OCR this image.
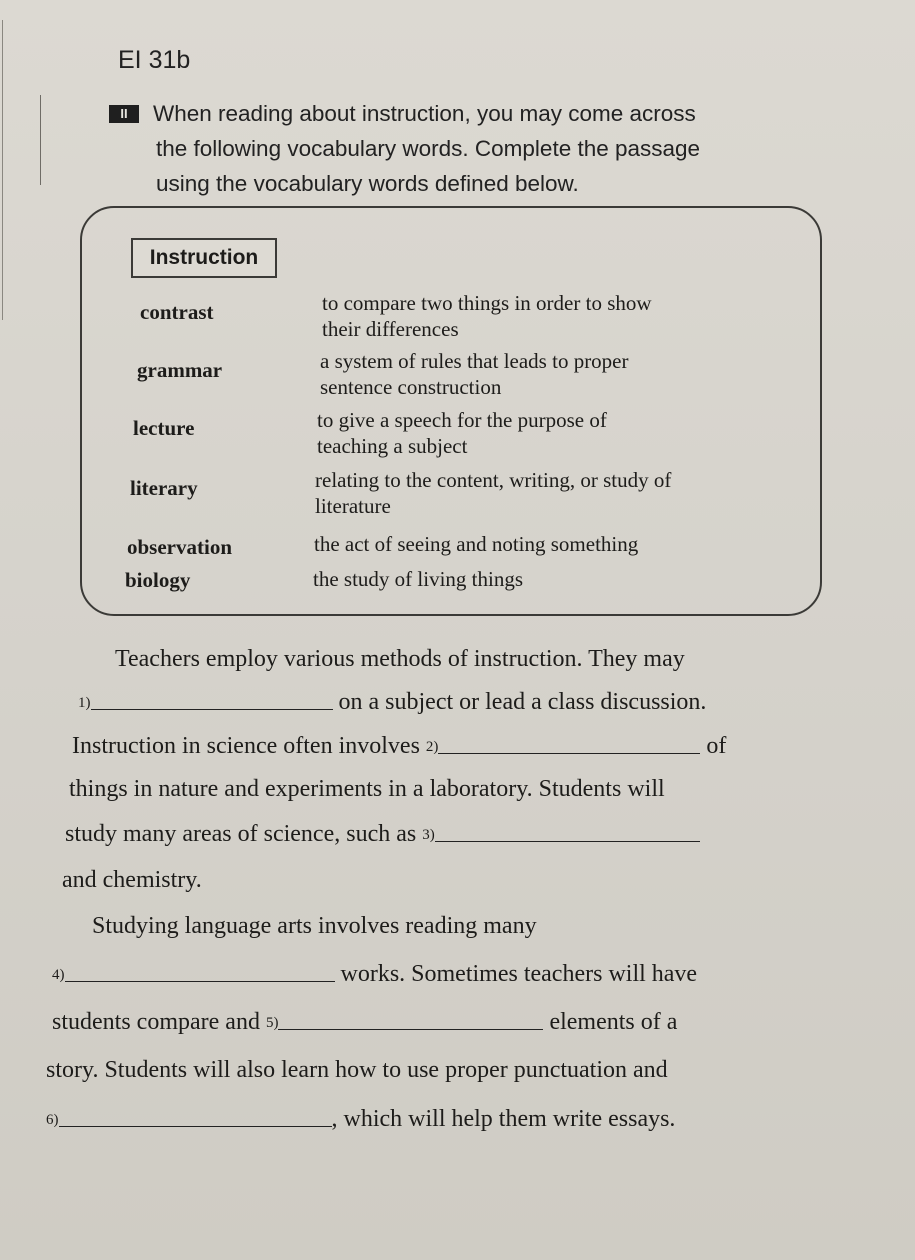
EI 31b
II When reading about instruction, you may come across
the following vocabulary words. Complete the passage
using the vocabulary words defined below.
Instruction
contrast	to compare two things in order to show
their differences
grammar	a system of rules that leads to proper
sentence construction
lecture	to give a speech for the purpose of
teaching a subject
literary	relating to the content, writing, or study of
literature
observation	the act of seeing and noting something
biology	the study of living things
Teachers employ various methods of instruction. They may
1)	on a subject or lead a class discussion.
Instruction in science often involves 2)	of
things in nature and experiments in a laboratory. Students will
study many areas of science, such as 3)
and chemistry.
Studying language arts involves reading many
4)	works. Sometimes teachers will have
students compare and 5)	elements of a
story. Students will also learn how to use proper punctuation and
6)	, which will help them write essays.
